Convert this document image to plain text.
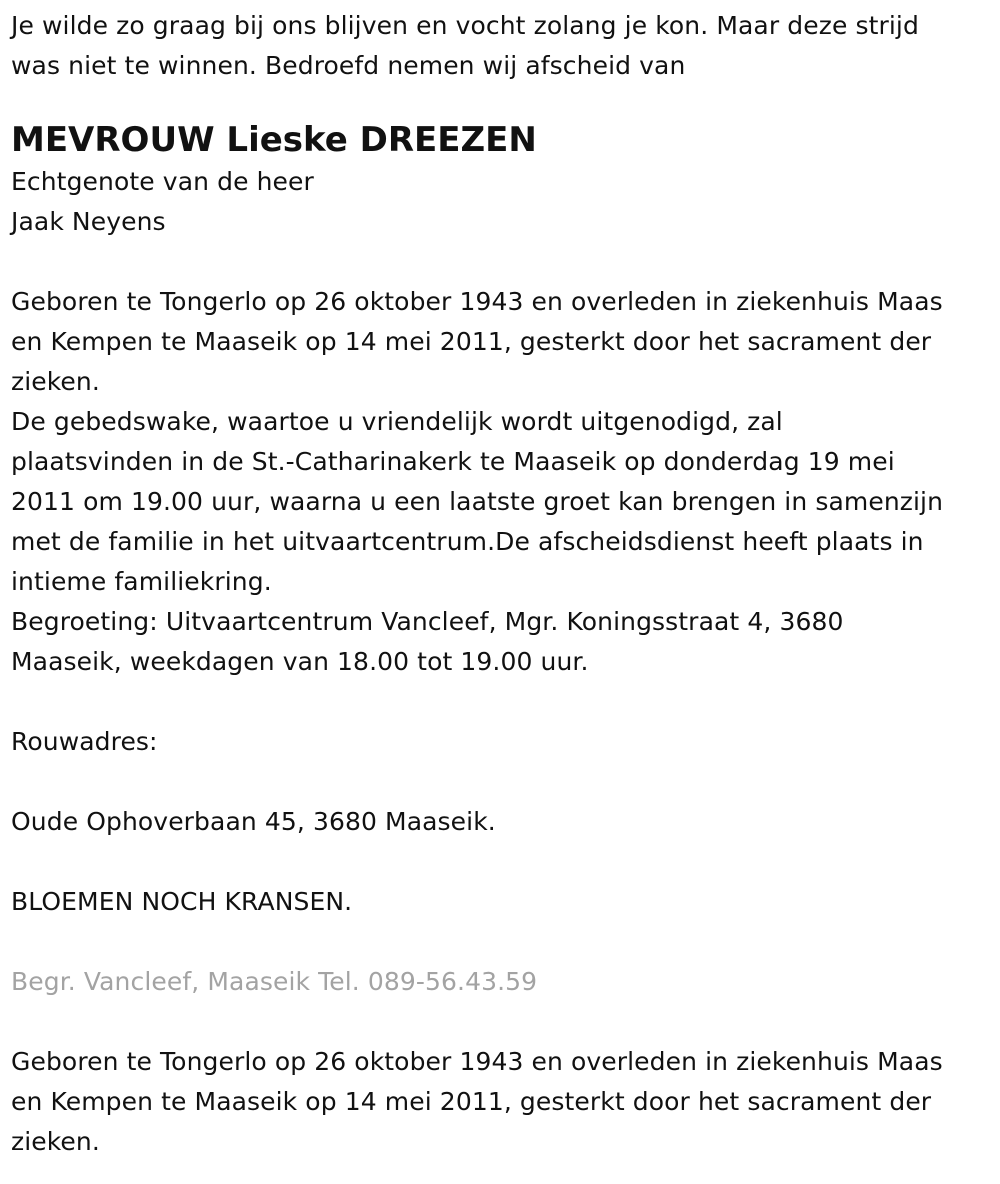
Je wilde zo graag bij ons blijven en vocht zolang je kon. Maar deze strijd

was niet te winnen. Bedroefd nemen wij afscheid van

MEVROUW Lieske DREEZEN

Echtgenote van de heer

Jaak Neyens

Geboren te Tongerlo op 26 oktober 1943 en overleden in ziekenhuis Maas

en Kempen te Maaseik op 14 mei 2011, gesterkt door het sacrament der

zieken.

De gebedswake, waartoe u vriendelijk wordt uitgenodigd, zal

plaatsvinden in de St.-Catharinakerk te Maaseik op donderdag 19 mei

2011 om 19.00 uur, waarna u een laatste groet kan brengen in samenzijn

met de familie in het uitvaartcentrum.De afscheidsdienst heeft plaats in

intieme familiekring.

Begroeting: Uitvaartcentrum Vancleef, Mgr. Koningsstraat 4, 3680

Maaseik, weekdagen van 18.00 tot 19.00 uur.

Rouwadres:

Oude Ophoverbaan 45, 3680 Maaseik.

BLOEMEN NOCH KRANSEN.

Begr. Vancleef, Maaseik Tel. 089-56.43.59

Geboren te Tongerlo op 26 oktober 1943 en overleden in ziekenhuis Maas

en Kempen te Maaseik op 14 mei 2011, gesterkt door het sacrament der

zieken.
